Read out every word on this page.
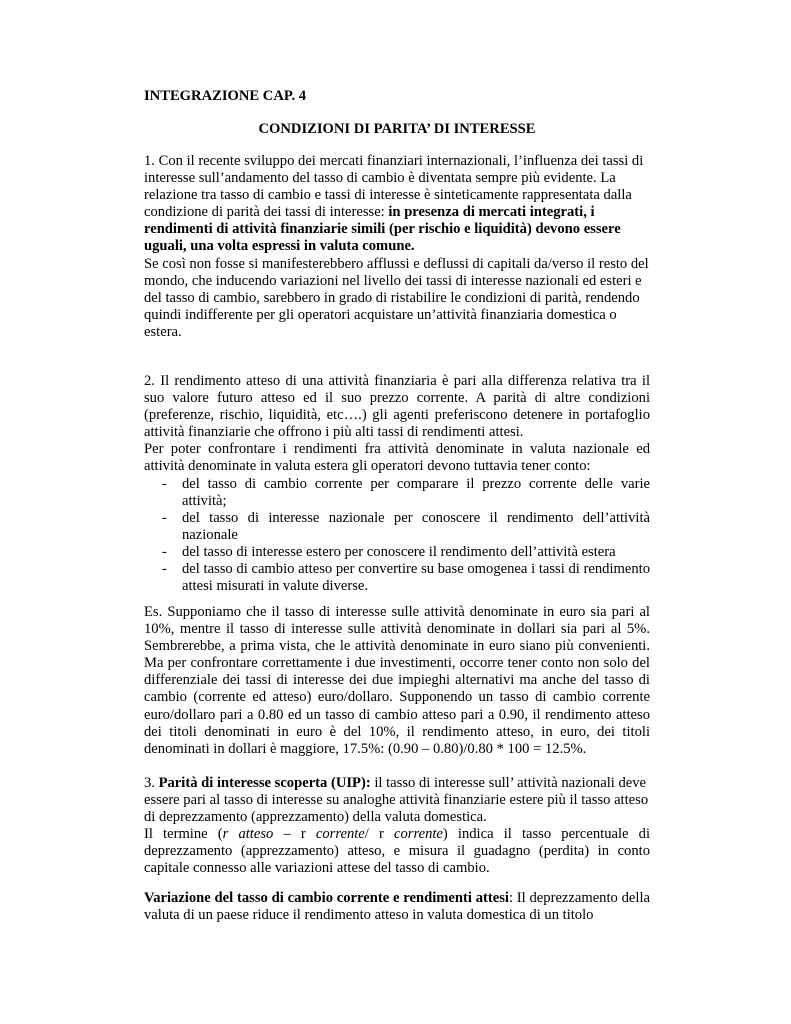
INTEGRAZIONE CAP. 4
CONDIZIONI DI PARITA’ DI INTERESSE

1. Con il recente sviluppo dei mercati finanziari internazionali, l’influenza dei tassi di interesse sull’andamento del tasso di cambio è diventata sempre più evidente. La relazione tra tasso di cambio e tassi di interesse è sinteticamente rappresentata dalla condizione di parità dei tassi di interesse: in presenza di mercati integrati, i rendimenti di attività finanziarie simili (per rischio e liquidità) devono essere uguali, una volta espressi in valuta comune.

Se così non fosse si manifesterebbero afflussi e deflussi di capitali da/verso il resto del mondo, che inducendo variazioni nel livello dei tassi di interesse nazionali ed esteri e del tasso di cambio, sarebbero in grado di ristabilire le condizioni di parità, rendendo quindi indifferente per gli operatori acquistare un’attività finanziaria domestica o estera.

2. Il rendimento atteso di una attività finanziaria è pari alla differenza relativa tra il suo valore futuro atteso ed il suo prezzo corrente. A parità di altre condizioni (preferenze, rischio, liquidità, etc….) gli agenti preferiscono detenere in portafoglio attività finanziarie che offrono i più alti tassi di rendimenti attesi.

Per poter confrontare i rendimenti fra attività denominate in valuta nazionale ed attività denominate in valuta estera gli operatori devono tuttavia tener conto:

- del tasso di cambio corrente per comparare il prezzo corrente delle varie attività;
- del tasso di interesse nazionale per conoscere il rendimento dell’attività nazionale
- del tasso di interesse estero per conoscere il rendimento dell’attività estera
- del tasso di cambio atteso per convertire su base omogenea i tassi di rendimento attesi misurati in valute diverse.

Es. Supponiamo che il tasso di interesse sulle attività denominate in euro sia pari al 10%, mentre il tasso di interesse sulle attività denominate in dollari sia pari al 5%. Sembrerebbe, a prima vista, che le attività denominate in euro siano più convenienti. Ma per confrontare correttamente i due investimenti, occorre tener conto non solo del differenziale dei tassi di interesse dei due impieghi alternativi ma anche del tasso di cambio (corrente ed atteso) euro/dollaro. Supponendo un tasso di cambio corrente euro/dollaro pari a 0.80 ed un tasso di cambio atteso pari a 0.90, il rendimento atteso dei titoli denominati in euro è del 10%, il rendimento atteso, in euro, dei titoli denominati in dollari è maggiore, 17.5%: (0.90 – 0.80)/0.80 * 100 = 12.5%.

3. Parità di interesse scoperta (UIP): il tasso di interesse sull’ attività nazionali deve essere pari al tasso di interesse su analoghe attività finanziarie estere più il tasso atteso di deprezzamento (apprezzamento) della valuta domestica.

Il termine (r atteso – r corrente/ r corrente) indica il tasso percentuale di deprezzamento (apprezzamento) atteso, e misura il guadagno (perdita) in conto capitale connesso alle variazioni attese del tasso di cambio.

Variazione del tasso di cambio corrente e rendimenti attesi: Il deprezzamento della valuta di un paese riduce il rendimento atteso in valuta domestica di un titolo
